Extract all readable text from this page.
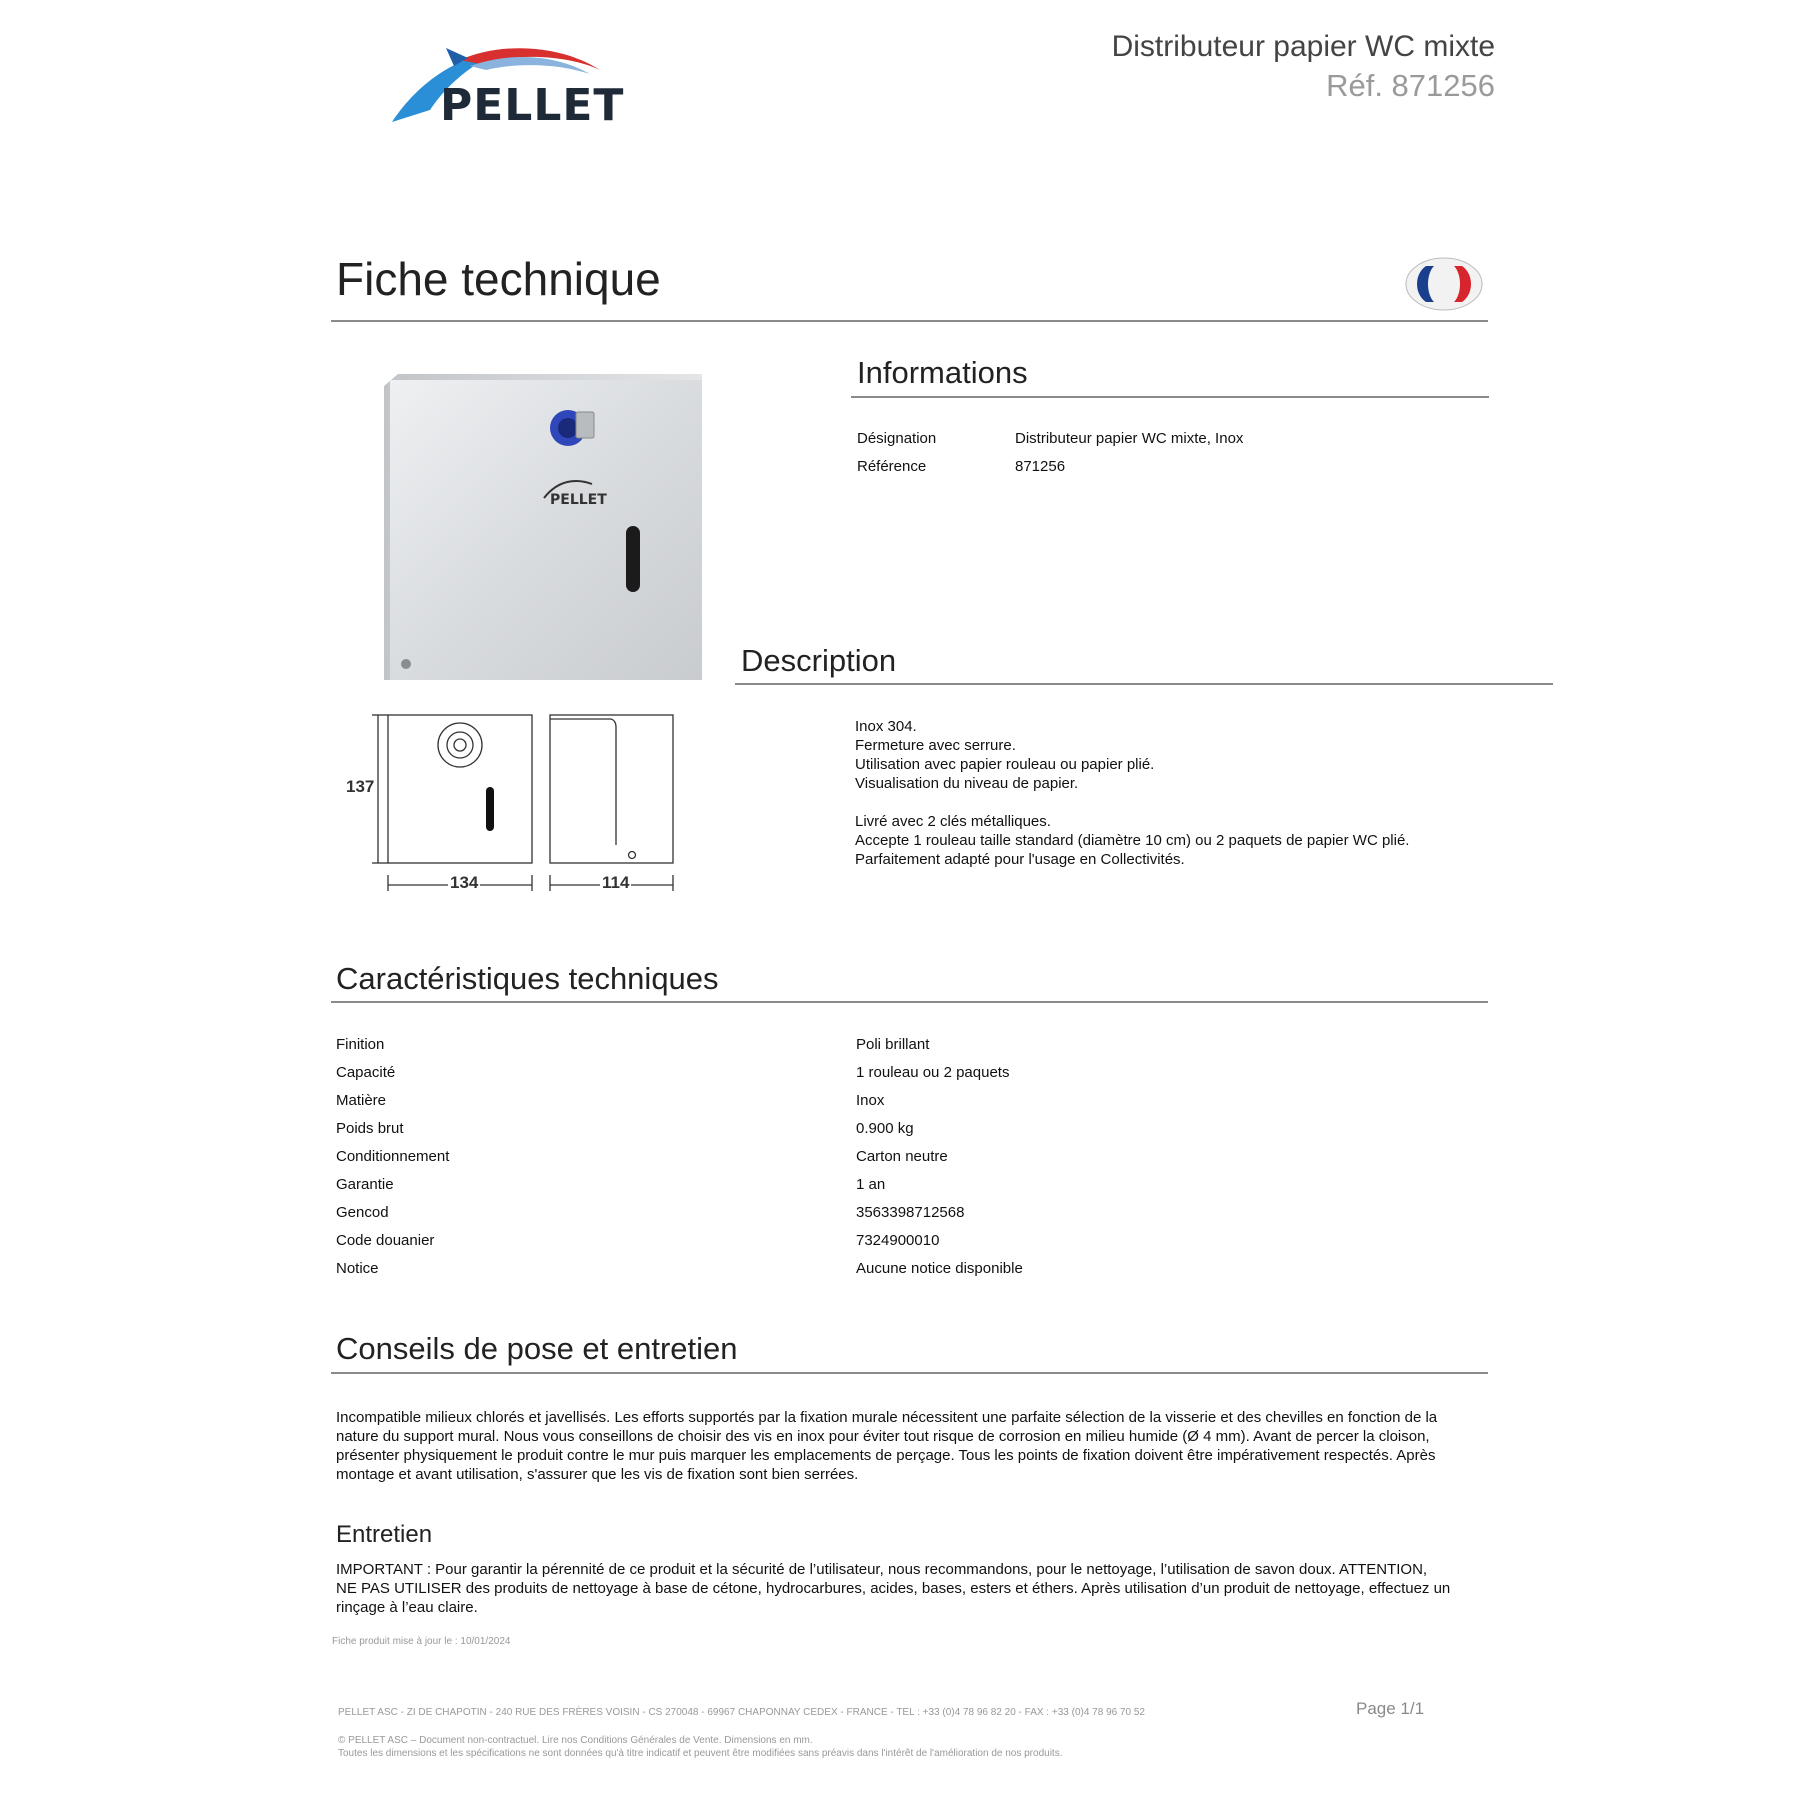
PELLET
Distributeur papier WC mixte
Réf. 871256
Fiche technique
PELLET
137
134	114
Informations
Désignation	Distributeur papier WC mixte, Inox
Référence	871256
Description
Inox 304.
Fermeture avec serrure.
Utilisation avec papier rouleau ou papier plié.
Visualisation du niveau de papier.
Livré avec 2 clés métalliques.
Accepte 1 rouleau taille standard (diamètre 10 cm) ou 2 paquets de papier WC plié.
Parfaitement adapté pour l'usage en Collectivités.
Caractéristiques techniques
Finition	Poli brillant
Capacité	1 rouleau ou 2 paquets
Matière	Inox
Poids brut	0.900 kg
Conditionnement	Carton neutre
Garantie	1 an
Gencod	3563398712568
Code douanier	7324900010
Notice	Aucune notice disponible
Conseils de pose et entretien
Incompatible milieux chlorés et javellisés. Les efforts supportés par la fixation murale nécessitent une parfaite sélection de la visserie et des chevilles en fonction de la
nature du support mural. Nous vous conseillons de choisir des vis en inox pour éviter tout risque de corrosion en milieu humide (Ø 4 mm). Avant de percer la cloison,
présenter physiquement le produit contre le mur puis marquer les emplacements de perçage. Tous les points de fixation doivent être impérativement respectés. Après
montage et avant utilisation, s'assurer que les vis de fixation sont bien serrées.
Entretien
IMPORTANT : Pour garantir la pérennité de ce produit et la sécurité de l’utilisateur, nous recommandons, pour le nettoyage, l’utilisation de savon doux. ATTENTION,
NE PAS UTILISER des produits de nettoyage à base de cétone, hydrocarbures, acides, bases, esters et éthers. Après utilisation d’un produit de nettoyage, effectuez un
rinçage à l’eau claire.
Fiche produit mise à jour le : 10/01/2024
PELLET ASC - ZI DE CHAPOTIN - 240 RUE DES FRÈRES VOISIN - CS 270048 - 69967 CHAPONNAY CEDEX - FRANCE - TEL : +33 (0)4 78 96 82 20 - FAX : +33 (0)4 78 96 70 52	Page 1/1
© PELLET ASC – Document non-contractuel. Lire nos Conditions Générales de Vente. Dimensions en mm.
Toutes les dimensions et les spécifications ne sont données qu'à titre indicatif et peuvent être modifiées sans préavis dans l'intérêt de l'amélioration de nos produits.
